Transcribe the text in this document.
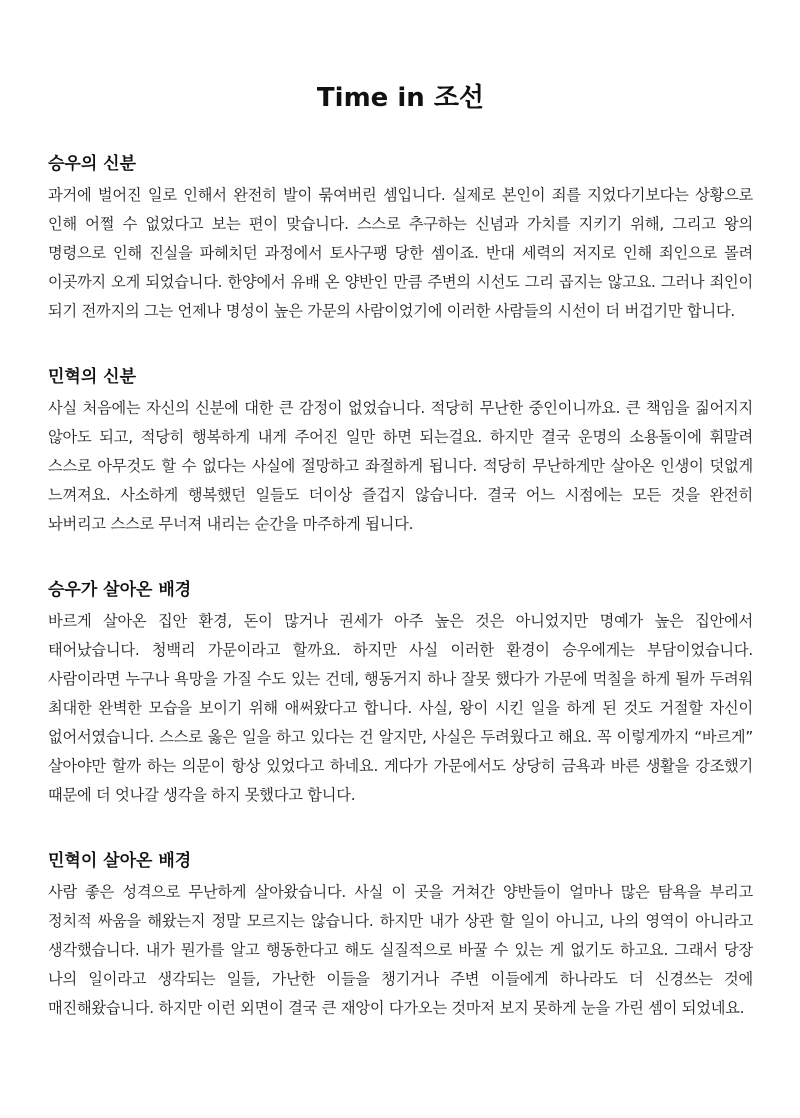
Time in 조선
승우의 신분

과거에 벌어진 일로 인해서 완전히 발이 묶여버린 셈입니다. 실제로 본인이 죄를 지었다기보다는 상황으로 인해 어쩔 수 없었다고 보는 편이 맞습니다. 스스로 추구하는 신념과 가치를 지키기 위해, 그리고 왕의 명령으로 인해 진실을 파헤치던 과정에서 토사구팽 당한 셈이죠. 반대 세력의 저지로 인해 죄인으로 몰려 이곳까지 오게 되었습니다. 한양에서 유배 온 양반인 만큼 주변의 시선도 그리 곱지는 않고요. 그러나 죄인이 되기 전까지의 그는 언제나 명성이 높은 가문의 사람이었기에 이러한 사람들의 시선이 더 버겁기만 합니다.

민혁의 신분

사실 처음에는 자신의 신분에 대한 큰 감정이 없었습니다. 적당히 무난한 중인이니까요. 큰 책임을 짊어지지 않아도 되고, 적당히 행복하게 내게 주어진 일만 하면 되는걸요. 하지만 결국 운명의 소용돌이에 휘말려 스스로 아무것도 할 수 없다는 사실에 절망하고 좌절하게 됩니다. 적당히 무난하게만 살아온 인생이 덧없게 느껴져요. 사소하게 행복했던 일들도 더이상 즐겁지 않습니다. 결국 어느 시점에는 모든 것을 완전히 놔버리고 스스로 무너져 내리는 순간을 마주하게 됩니다.

승우가 살아온 배경

바르게 살아온 집안 환경, 돈이 많거나 권세가 아주 높은 것은 아니었지만 명예가 높은 집안에서 태어났습니다. 청백리 가문이라고 할까요. 하지만 사실 이러한 환경이 승우에게는 부담이었습니다. 사람이라면 누구나 욕망을 가질 수도 있는 건데, 행동거지 하나 잘못 했다가 가문에 먹칠을 하게 될까 두려워 최대한 완벽한 모습을 보이기 위해 애써왔다고 합니다. 사실, 왕이 시킨 일을 하게 된 것도 거절할 자신이 없어서였습니다. 스스로 옳은 일을 하고 있다는 건 알지만, 사실은 두려웠다고 해요. 꼭 이렇게까지 “바르게” 살아야만 할까 하는 의문이 항상 있었다고 하네요. 게다가 가문에서도 상당히 금욕과 바른 생활을 강조했기 때문에 더 엇나갈 생각을 하지 못했다고 합니다.

민혁이 살아온 배경

사람 좋은 성격으로 무난하게 살아왔습니다. 사실 이 곳을 거쳐간 양반들이 얼마나 많은 탐욕을 부리고 정치적 싸움을 해왔는지 정말 모르지는 않습니다. 하지만 내가 상관 할 일이 아니고, 나의 영역이 아니라고 생각했습니다. 내가 뭔가를 알고 행동한다고 해도 실질적으로 바꿀 수 있는 게 없기도 하고요. 그래서 당장 나의 일이라고 생각되는 일들, 가난한 이들을 챙기거나 주변 이들에게 하나라도 더 신경쓰는 것에 매진해왔습니다. 하지만 이런 외면이 결국 큰 재앙이 다가오는 것마저 보지 못하게 눈을 가린 셈이 되었네요.
